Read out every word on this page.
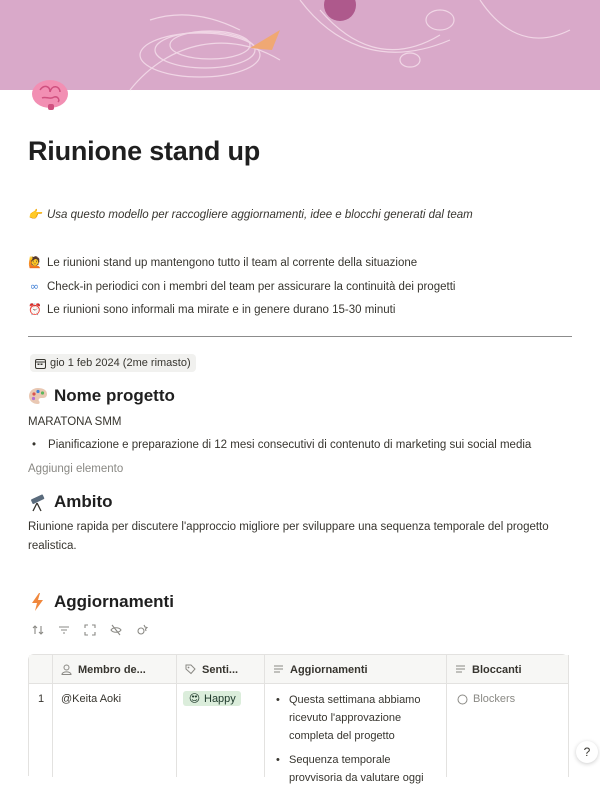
Riunione stand up
👉 Usa questo modello per raccogliere aggiornamenti, idee e blocchi generati dal team
🙋 Le riunioni stand up mantengono tutto il team al corrente della situazione
∞ Check-in periodici con i membri del team per assicurare la continuità dei progetti
⏰ Le riunioni sono informali ma mirate e in genere durano 15-30 minuti
gio 1 feb 2024 (2me rimasto)
Nome progetto
MARATONA SMM
• Pianificazione e preparazione di 12 mesi consecutivi di contenuto di marketing sui social media
Aggiungi elemento
Ambito
Riunione rapida per discutere l'approccio migliore per sviluppare una sequenza temporale del progetto
realistica.
Aggiornamenti
Membro de...	Senti...	Aggiornamenti	Bloccanti
1 @Keita Aoki	😍 Happy
•	Questa settimana abbiamo ricevuto l'approvazione completa del progetto
• Sequenza temporale provvisoria da valutare oggi
Blockers
?
